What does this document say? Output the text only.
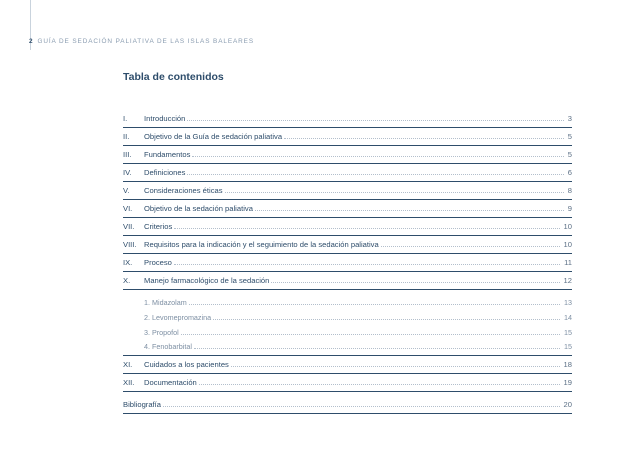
2 GUÍA DE SEDACIÓN PALIATIVA DE LAS ISLAS BALEARES
Tabla de contenidos
I.	Introducción	3
II.	Objetivo de la Guía de sedación paliativa	5
III.	Fundamentos	5
IV.	Definiciones	6
V.	Consideraciones éticas	8
VI.	Objetivo de la sedación paliativa	9
VII.	Criterios	10
VIII. Requisitos para la indicación y el seguimiento de la sedación paliativa	10
IX.	Proceso	11
X.	Manejo farmacológico de la sedación	12
1. Midazolam	13
2. Levomepromazina	14
3. Propofol	15
4. Fenobarbital	15
XI.	Cuidados a los pacientes	18
XII.	Documentación	19
Bibliografía	20
